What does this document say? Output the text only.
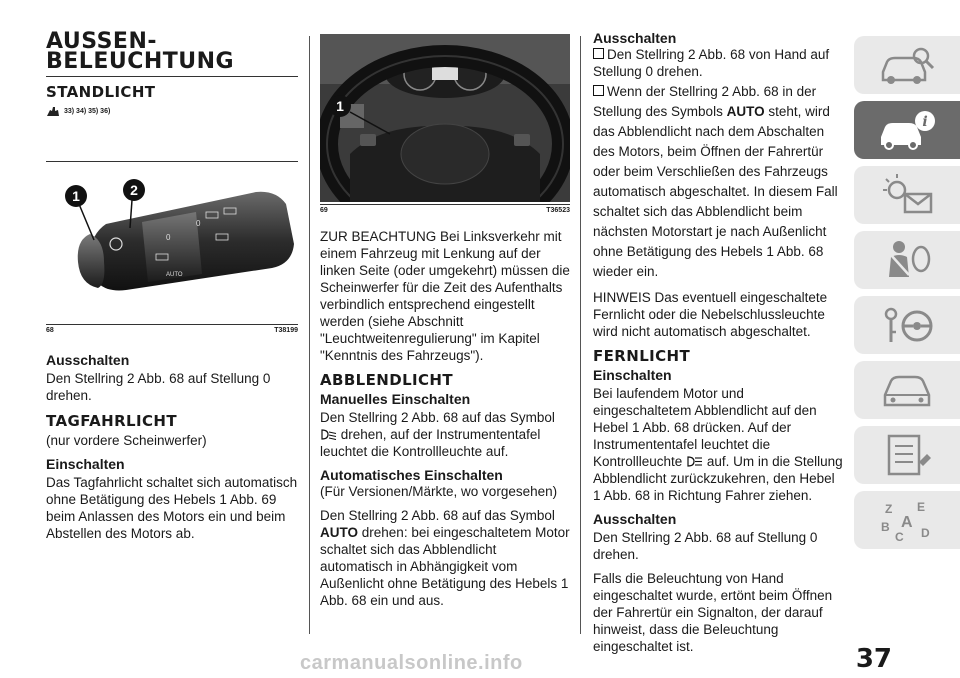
AUSSEN-
BELEUCHTUNG
STANDLICHT
33) 34) 35) 36)
0
0
AUTO
1	2
68	T38199
Ausschalten

Den Stellring 2 Abb. 68 auf Stellung 0 drehen.

TAGFAHRLICHT

(nur vordere Scheinwerfer)

Einschalten

Das Tagfahrlicht schaltet sich automatisch ohne Betätigung des Hebels 1 Abb. 69 beim Anlassen des Motors ein und beim Abstellen des Motors ab.

1
69	T36523

ZUR BEACHTUNG Bei Linksverkehr mit einem Fahrzeug mit Lenkung auf der linken Seite (oder umgekehrt) müssen die Scheinwerfer für die Zeit des Aufenthalts verbindlich entsprechend eingestellt werden (siehe Abschnitt "Leuchtweitenregulierung" im Kapitel "Kenntnis des Fahrzeugs").

ABBLENDLICHT
Manuelles Einschalten

Den Stellring 2 Abb. 68 auf das Symbol
drehen, auf der Instrumententafel leuchtet die Kontrollleuchte auf.

Automatisches Einschalten

(Für Versionen/Märkte, wo vorgesehen)

Den Stellring 2 Abb. 68 auf das Symbol AUTO drehen: bei eingeschaltetem Motor schaltet sich das Abblendlicht automatisch in Abhängigkeit vom Außenlicht ohne Betätigung des Hebels 1 Abb. 68 ein und aus.

Ausschalten

Den Stellring 2 Abb. 68 von Hand auf Stellung 0 drehen.

Wenn der Stellring 2 Abb. 68 in der Stellung des Symbols AUTO steht, wird das Abblendlicht nach dem Abschalten des Motors, beim Öffnen der Fahrertür oder beim Verschließen des Fahrzeugs automatisch abgeschaltet. In diesem Fall schaltet sich das Abblendlicht beim nächsten Motorstart je nach Außenlicht ohne Betätigung des Hebels 1 Abb. 68 wieder ein.

HINWEIS Das eventuell eingeschaltete Fernlicht oder die Nebelschlussleuchte wird nicht automatisch abgeschaltet.

FERNLICHT
Einschalten

Bei laufendem Motor und eingeschaltetem Abblendlicht auf den Hebel 1 Abb. 68 drücken. Auf der Instrumententafel leuchtet die Kontrollleuchte auf. Um in die Stellung Abblendlicht zurückzukehren, den Hebel 1 Abb. 68 in Richtung Fahrer ziehen.

Ausschalten

Den Stellring 2 Abb. 68 auf Stellung 0 drehen.

Falls die Beleuchtung von Hand eingeschaltet wurde, ertönt beim Öffnen der Fahrertür ein Signalton, der darauf hinweist, dass die Beleuchtung eingeschaltet ist.

i
Z E
B A
C D
37
carmanualsonline.info
